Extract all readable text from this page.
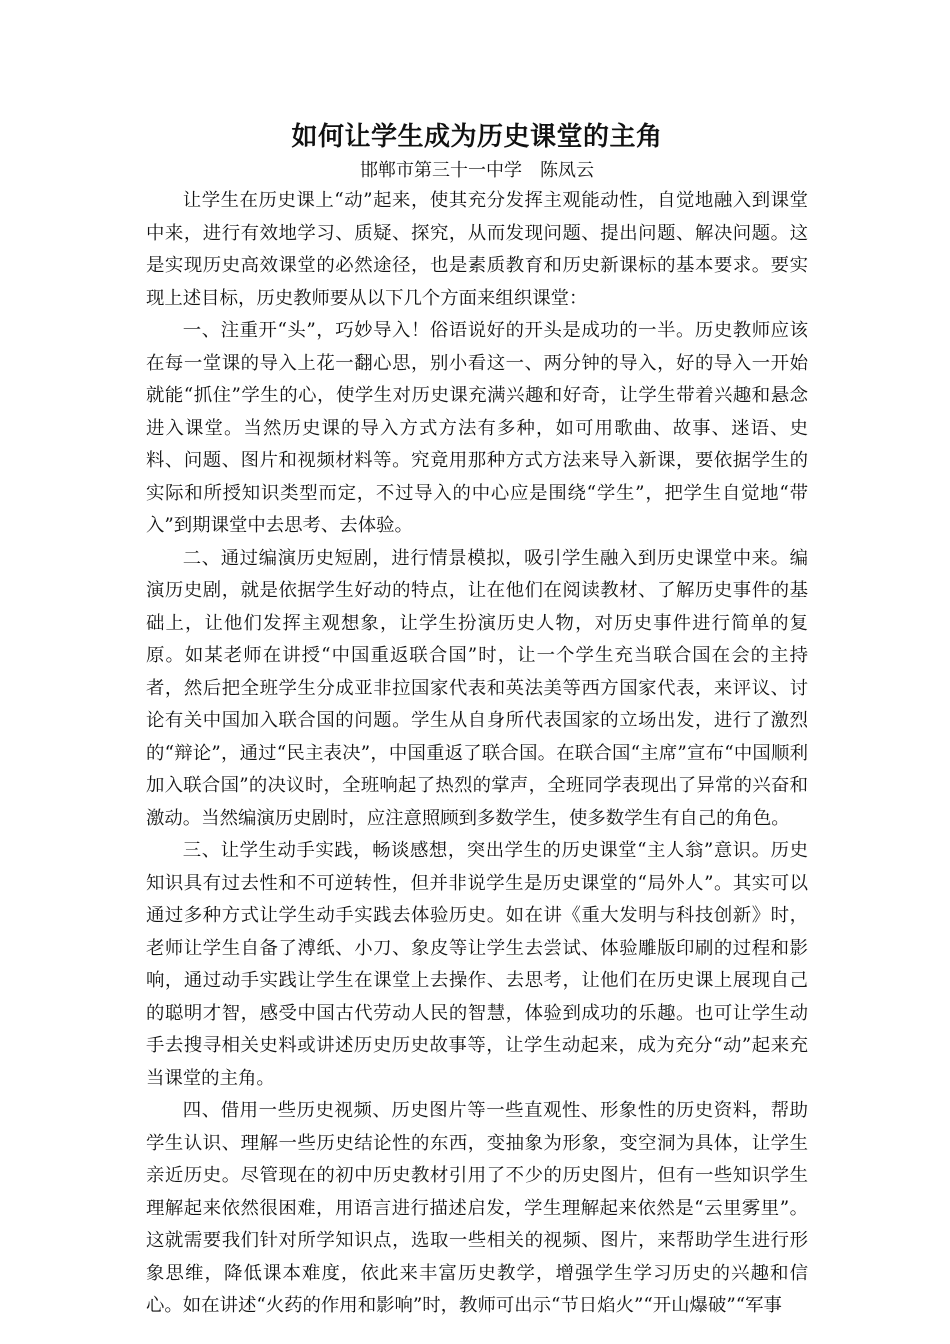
如何让学生成为历史课堂的主角

邯郸市第三十一中学　陈凤云

让学生在历史课上“动”起来，使其充分发挥主观能动性，自觉地融入到课堂中来，进行有效地学习、质疑、探究，从而发现问题、提出问题、解决问题。这是实现历史高效课堂的必然途径，也是素质教育和历史新课标的基本要求。要实现上述目标，历史教师要从以下几个方面来组织课堂：

一、注重开“头”，巧妙导入！俗语说好的开头是成功的一半。历史教师应该在每一堂课的导入上花一翻心思，别小看这一、两分钟的导入，好的导入一开始就能“抓住”学生的心，使学生对历史课充满兴趣和好奇，让学生带着兴趣和悬念进入课堂。当然历史课的导入方式方法有多种，如可用歌曲、故事、迷语、史料、问题、图片和视频材料等。究竟用那种方式方法来导入新课，要依据学生的实际和所授知识类型而定，不过导入的中心应是围绕“学生”，把学生自觉地“带入”到期课堂中去思考、去体验。

二、通过编演历史短剧，进行情景模拟，吸引学生融入到历史课堂中来。编演历史剧，就是依据学生好动的特点，让在他们在阅读教材、了解历史事件的基础上，让他们发挥主观想象，让学生扮演历史人物，对历史事件进行简单的复原。如某老师在讲授“中国重返联合国”时，让一个学生充当联合国在会的主持者，然后把全班学生分成亚非拉国家代表和英法美等西方国家代表，来评议、讨论有关中国加入联合国的问题。学生从自身所代表国家的立场出发，进行了激烈的“辩论”，通过“民主表决”，中国重返了联合国。在联合国“主席”宣布“中国顺利加入联合国”的决议时，全班响起了热烈的掌声，全班同学表现出了异常的兴奋和激动。当然编演历史剧时，应注意照顾到多数学生，使多数学生有自己的角色。

三、让学生动手实践，畅谈感想，突出学生的历史课堂“主人翁”意识。历史知识具有过去性和不可逆转性，但并非说学生是历史课堂的“局外人”。其实可以通过多种方式让学生动手实践去体验历史。如在讲《重大发明与科技创新》时，老师让学生自备了溥纸、小刀、象皮等让学生去尝试、体验雕版印刷的过程和影响，通过动手实践让学生在课堂上去操作、去思考，让他们在历史课上展现自己的聪明才智，感受中国古代劳动人民的智慧，体验到成功的乐趣。也可让学生动手去搜寻相关史料或讲述历史历史故事等，让学生动起来，成为充分“动”起来充当课堂的主角。

四、借用一些历史视频、历史图片等一些直观性、形象性的历史资料，帮助学生认识、理解一些历史结论性的东西，变抽象为形象，变空洞为具体，让学生亲近历史。尽管现在的初中历史教材引用了不少的历史图片，但有一些知识学生理解起来依然很困难，用语言进行描述启发，学生理解起来依然是“云里雾里”。这就需要我们针对所学知识点，选取一些相关的视频、图片，来帮助学生进行形象思维，降低课本难度，依此来丰富历史教学，增强学生学习历史的兴趣和信心。如在讲述“火药的作用和影响”时，教师可出示“节日焰火”“开山爆破”“军事
